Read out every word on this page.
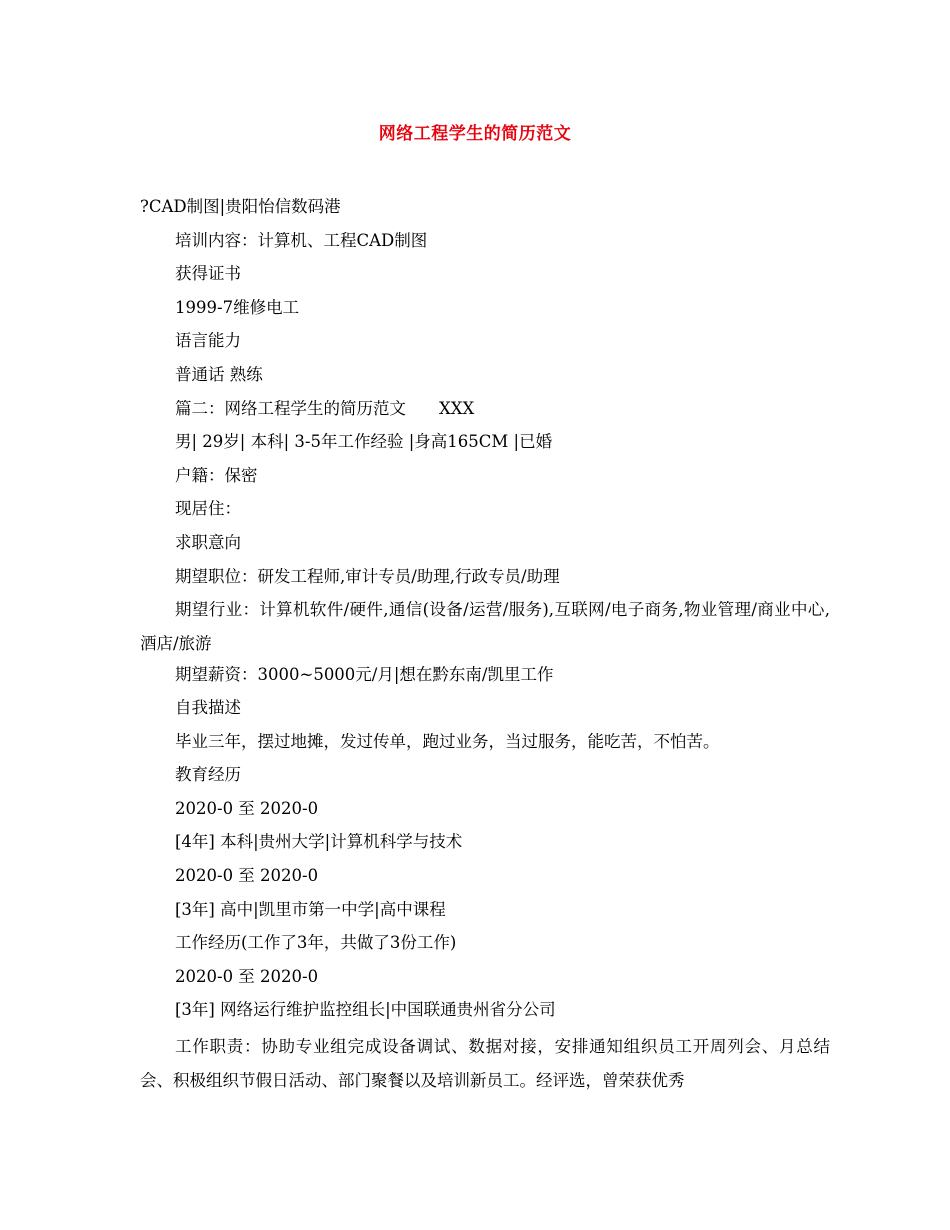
网络工程学生的简历范文
?CAD制图|贵阳怡信数码港
培训内容：计算机、工程CAD制图
获得证书
1999-7维修电工
语言能力
普通话 熟练
篇二：网络工程学生的简历范文　　XXX
男| 29岁| 本科| 3-5年工作经验 |身高165CM |已婚
户籍：保密
现居住：
求职意向
期望职位：研发工程师,审计专员/助理,行政专员/助理
期望行业：计算机软件/硬件,通信(设备/运营/服务),互联网/电子商务,物业管理/商业中心,酒店/旅游
期望薪资：3000~5000元/月|想在黔东南/凯里工作
自我描述
毕业三年，摆过地摊，发过传单，跑过业务，当过服务，能吃苦，不怕苦。
教育经历
2020-0 至 2020-0
[4年] 本科|贵州大学|计算机科学与技术
2020-0 至 2020-0
[3年] 高中|凯里市第一中学|高中课程
工作经历(工作了3年，共做了3份工作)
2020-0 至 2020-0
[3年] 网络运行维护监控组长|中国联通贵州省分公司
工作职责：协助专业组完成设备调试、数据对接，安排通知组织员工开周列会、月总结会、积极组织节假日活动、部门聚餐以及培训新员工。经评选，曾荣获优秀
